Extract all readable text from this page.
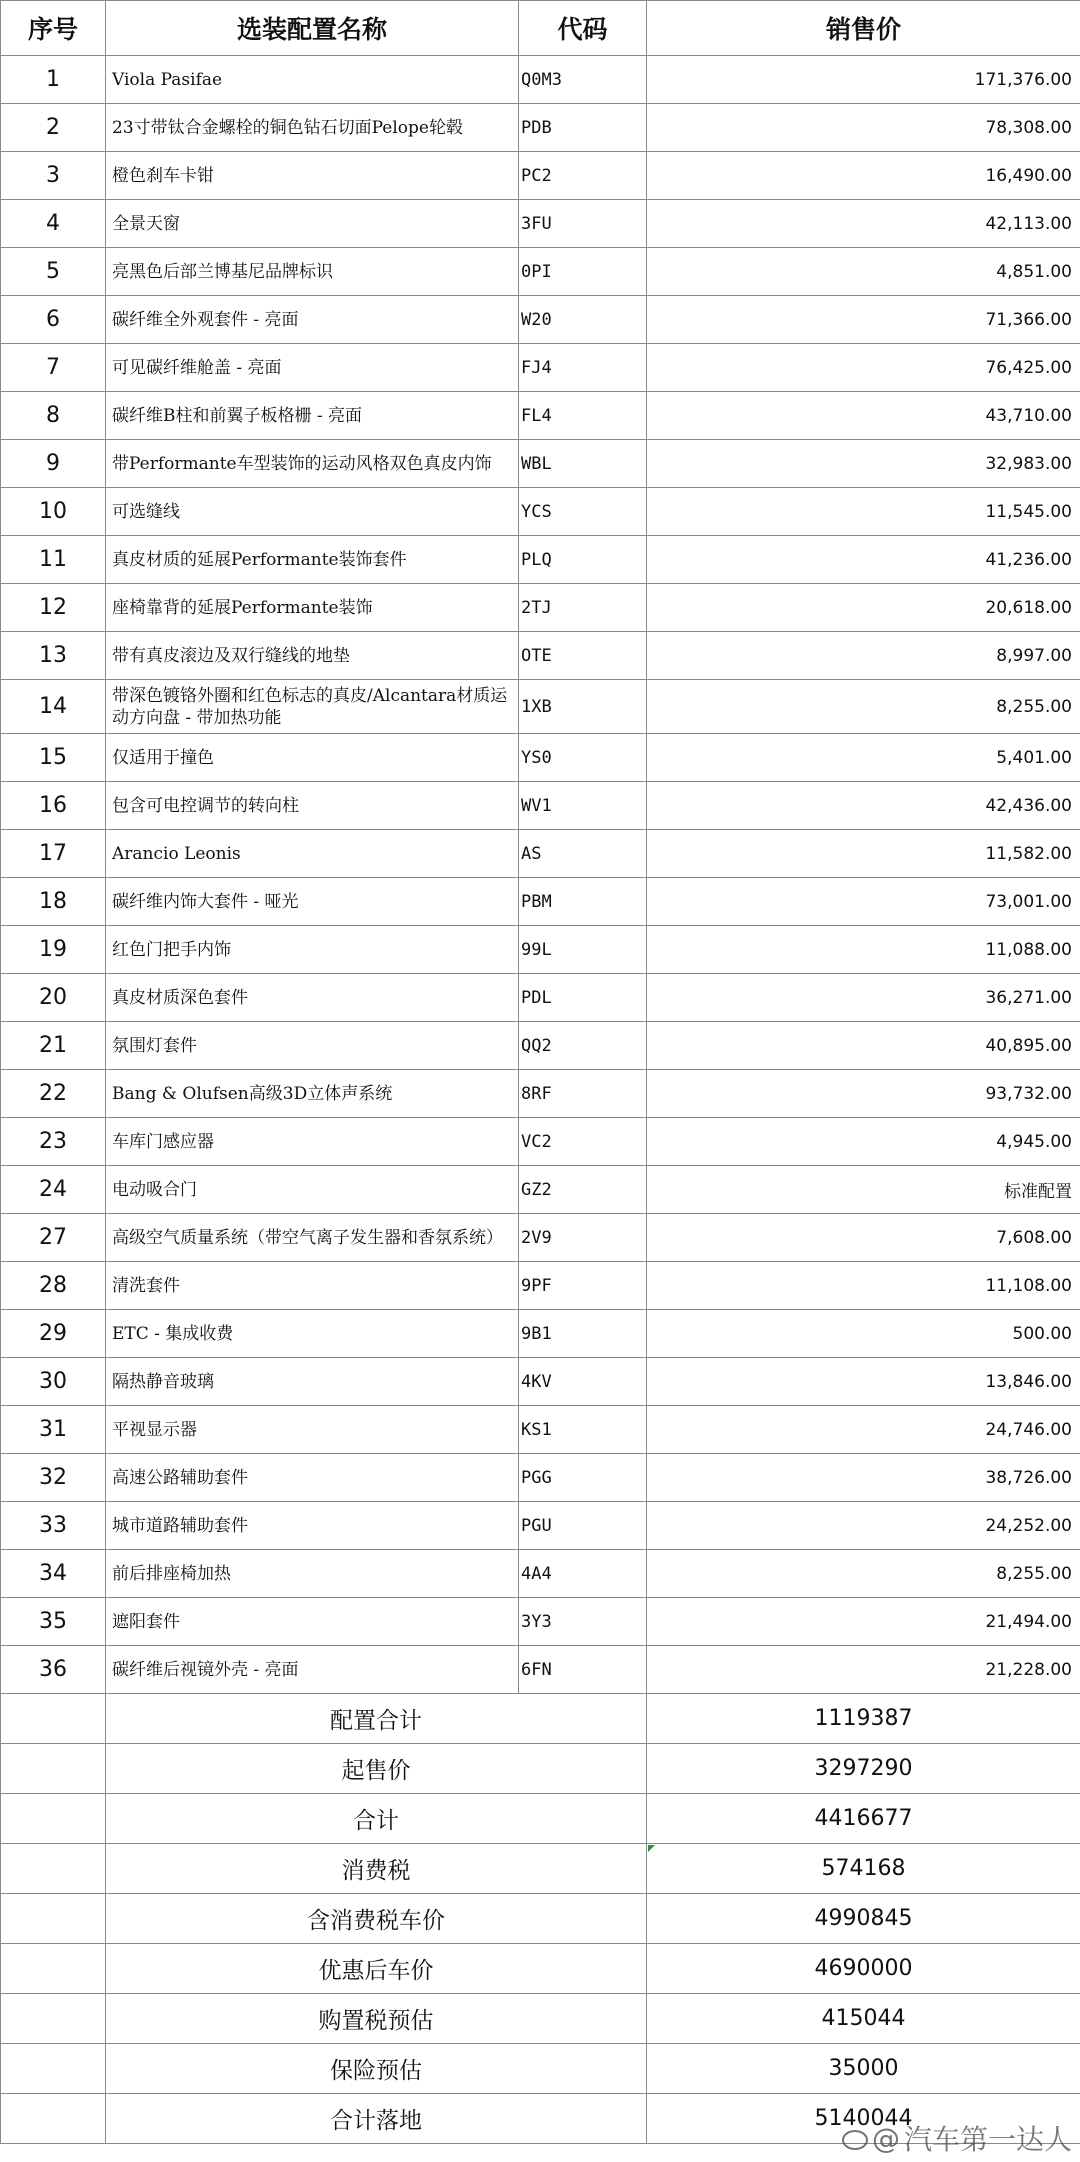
序号	选装配置名称	代码	销售价
1	Viola Pasifae	Q0M3	171,376.00
2	23寸带钛合金螺栓的铜色钻石切面Pelope轮毂	PDB	78,308.00
3	橙色刹车卡钳	PC2	16,490.00
4	全景天窗	3FU	42,113.00
5	亮黑色后部兰博基尼品牌标识	0PI	4,851.00
6	碳纤维全外观套件 - 亮面	W20	71,366.00
7	可见碳纤维舱盖 - 亮面	FJ4	76,425.00
8	碳纤维B柱和前翼子板格栅 - 亮面	FL4	43,710.00
9	带Performante车型装饰的运动风格双色真皮内饰	WBL	32,983.00
10	可选缝线	YCS	11,545.00
11	真皮材质的延展Performante装饰套件	PLQ	41,236.00
12	座椅靠背的延展Performante装饰	2TJ	20,618.00
13	带有真皮滚边及双行缝线的地垫	OTE	8,997.00
14	带深色镀铬外圈和红色标志的真皮/Alcantara材质运动方向盘 - 带加热功能	1XB	8,255.00
15	仅适用于撞色	YS0	5,401.00
16	包含可电控调节的转向柱	WV1	42,436.00
17	Arancio Leonis	AS	11,582.00
18	碳纤维内饰大套件 - 哑光	PBM	73,001.00
19	红色门把手内饰	99L	11,088.00
20	真皮材质深色套件	PDL	36,271.00
21	氛围灯套件	QQ2	40,895.00
22	Bang & Olufsen高级3D立体声系统	8RF	93,732.00
23	车库门感应器	VC2	4,945.00
24	电动吸合门	GZ2	标准配置
27	高级空气质量系统（带空气离子发生器和香氛系统）	2V9	7,608.00
28	清洗套件	9PF	11,108.00
29	ETC - 集成收费	9B1	500.00
30	隔热静音玻璃	4KV	13,846.00
31	平视显示器	KS1	24,746.00
32	高速公路辅助套件	PGG	38,726.00
33	城市道路辅助套件	PGU	24,252.00
34	前后排座椅加热	4A4	8,255.00
35	遮阳套件	3Y3	21,494.00
36	碳纤维后视镜外壳 - 亮面	6FN	21,228.00
	配置合计		1119387
	起售价		3297290
	合计		4416677
	消费税		574168
	含消费税车价		4990845
	优惠后车价		4690000
	购置税预估		415044
	保险预估		35000
	合计落地		5140044
@ 汽车第一达人
